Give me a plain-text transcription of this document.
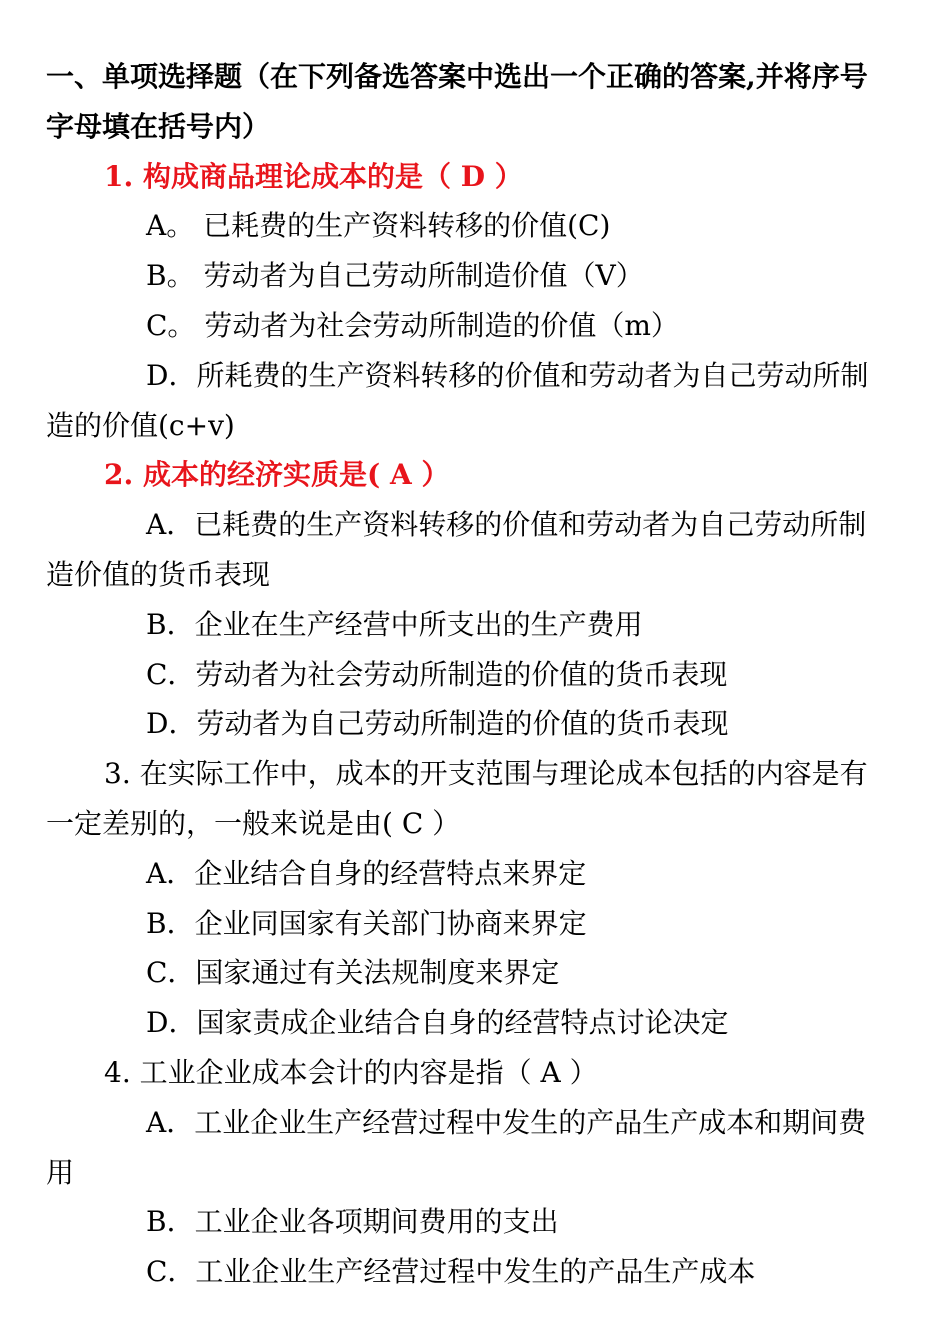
一、单项选择题（在下列备选答案中选出一个正确的答案,并将序号
字母填在括号内）
1. 构成商品理论成本的是（ D ）
A。 已耗费的生产资料转移的价值(C)
B。 劳动者为自己劳动所制造价值（V）
C。 劳动者为社会劳动所制造的价值（m）
D．所耗费的生产资料转移的价值和劳动者为自己劳动所制
造的价值(c+v)
2. 成本的经济实质是( A ）
A．已耗费的生产资料转移的价值和劳动者为自己劳动所制
造价值的货币表现
B．企业在生产经营中所支出的生产费用
C．劳动者为社会劳动所制造的价值的货币表现
D．劳动者为自己劳动所制造的价值的货币表现
3. 在实际工作中，成本的开支范围与理论成本包括的内容是有
一定差别的，一般来说是由( C ）
A．企业结合自身的经营特点来界定
B．企业同国家有关部门协商来界定
C．国家通过有关法规制度来界定
D．国家责成企业结合自身的经营特点讨论决定
4. 工业企业成本会计的内容是指（ A ）
A．工业企业生产经营过程中发生的产品生产成本和期间费
用
B．工业企业各项期间费用的支出
C．工业企业生产经营过程中发生的产品生产成本
